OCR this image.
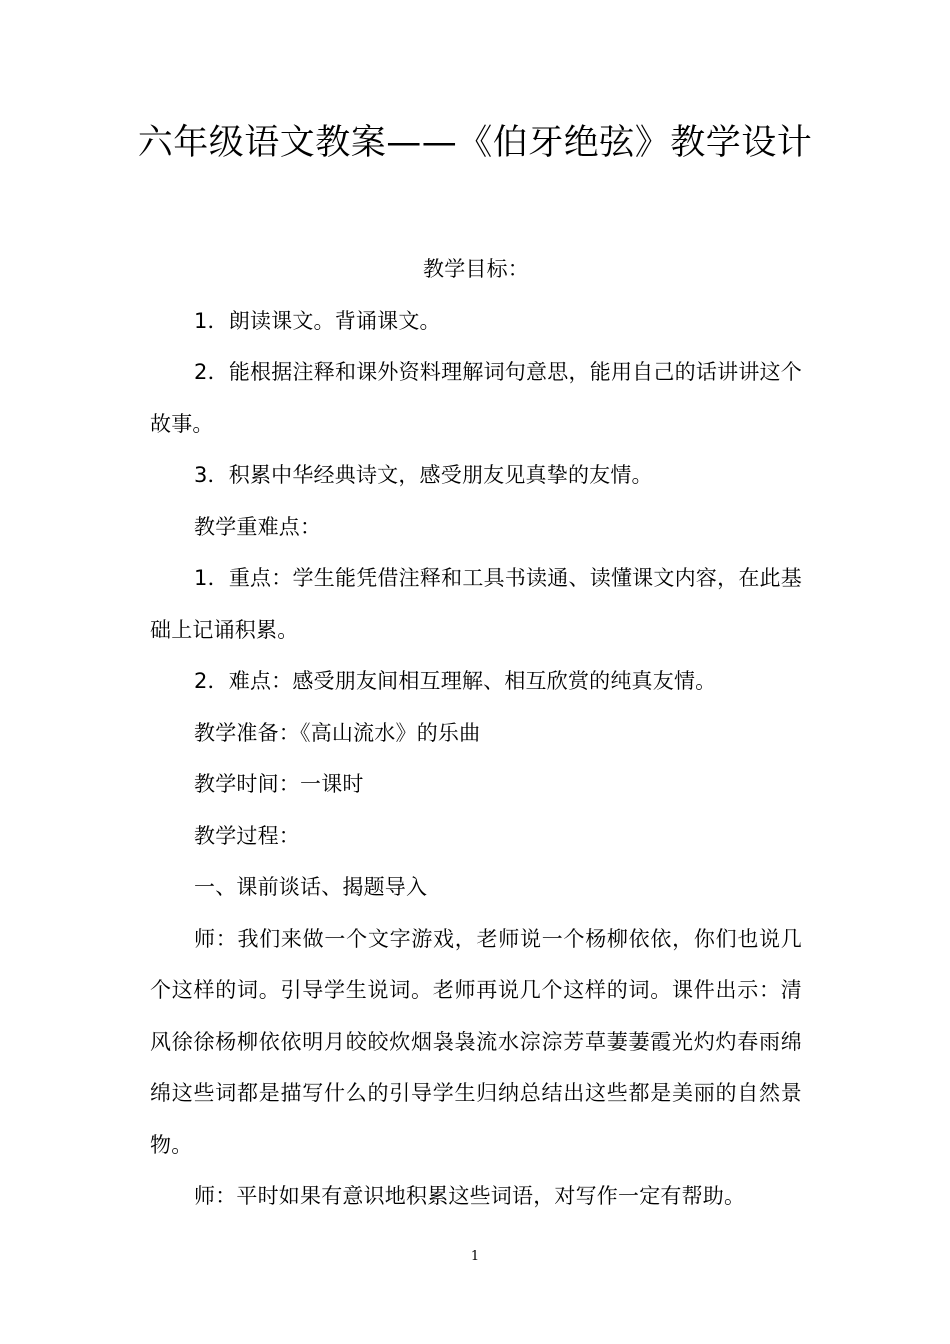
六年级语文教案——《伯牙绝弦》教学设计

教学目标：

1．朗读课文。背诵课文。

2．能根据注释和课外资料理解词句意思，能用自己的话讲讲这个故事。

3．积累中华经典诗文，感受朋友见真挚的友情。

教学重难点：

1．重点：学生能凭借注释和工具书读通、读懂课文内容，在此基础上记诵积累。

2．难点：感受朋友间相互理解、相互欣赏的纯真友情。

教学准备：《高山流水》的乐曲

教学时间：一课时

教学过程：

一、课前谈话、揭题导入

师：我们来做一个文字游戏，老师说一个杨柳依依，你们也说几个这样的词。引导学生说词。老师再说几个这样的词。课件出示：清风徐徐杨柳依依明月皎皎炊烟袅袅流水淙淙芳草萋萋霞光灼灼春雨绵绵这些词都是描写什么的引导学生归纳总结出这些都是美丽的自然景物。

师：平时如果有意识地积累这些词语，对写作一定有帮助。

1
